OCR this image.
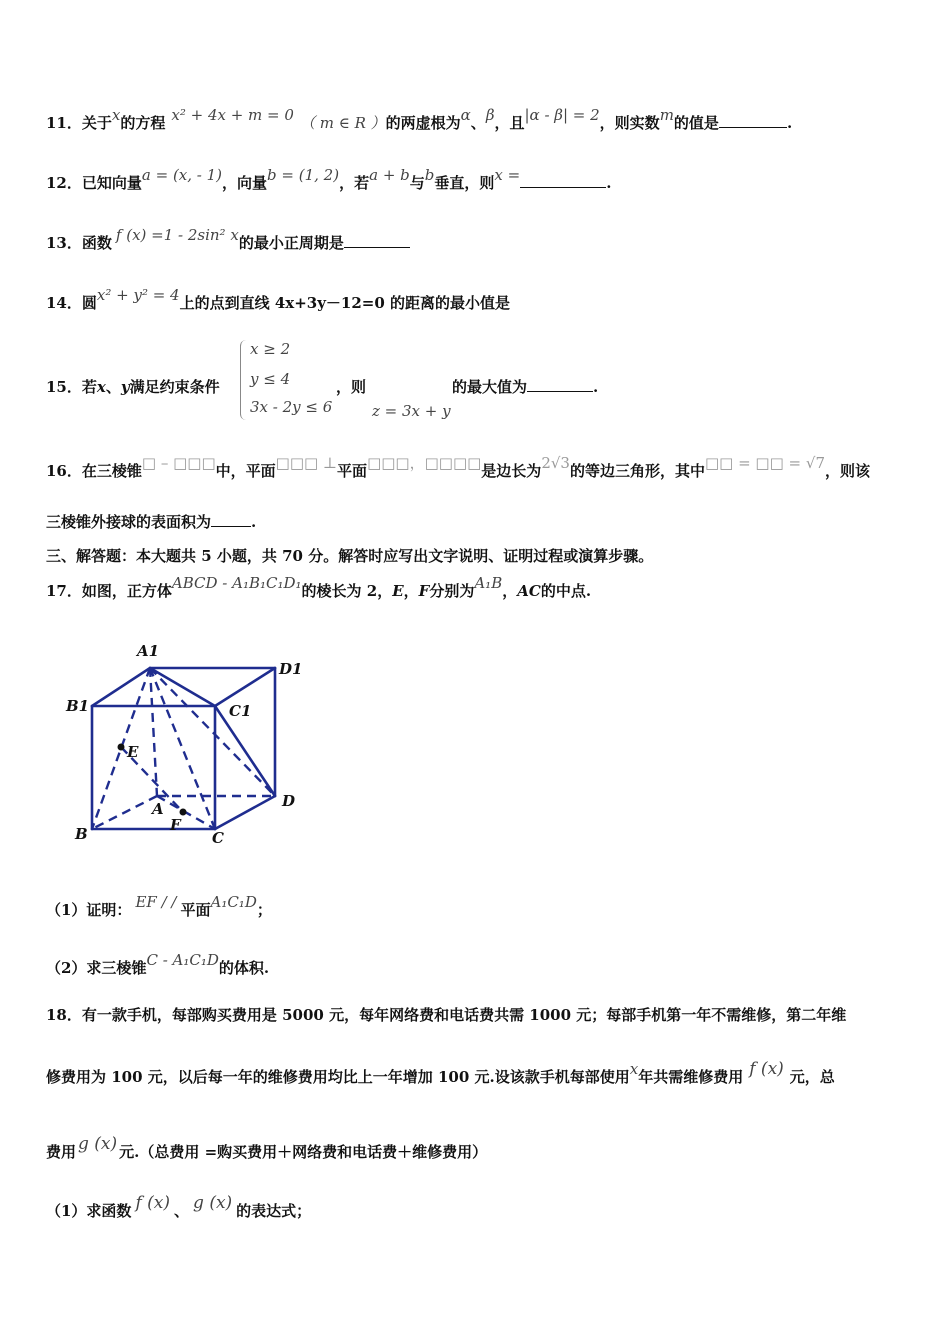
11．关于x的方程 x² + 4x + m = 0 （ m ∈ R ）的两虚根为α、β，且|α - β| = 2，则实数m的值是	.
12．已知向量a = (x, - 1)，向量b = (1, 2)，若a + b与b垂直，则x =	.
13．函数 f (x) =1 - 2sin² x的最小正周期是
14．圆x² + y² = 4上的点到直线 4x+3y－12=0 的距离的最小值是
15．若x、y满足约束条件
x ≥ 2
y ≤ 4
3x - 2y ≤ 6
，则
z = 3x + y
的最大值为	.
16．在三棱锥□ – □□□中，平面□□□ ⊥平面□□□，□□□□是边长为2√3的等边三角形，其中□□ = □□ = √7，则该
三棱锥外接球的表面积为	.
三、解答题：本大题共 5 小题，共 70 分。解答时应写出文字说明、证明过程或演算步骤。
17．如图，正方体ABCD - A₁B₁C₁D₁的棱长为 2，E，F分别为A₁B，AC的中点.
A1
D1
B1	C1
E
A
F
B	C
D
（1）证明： EF / / 平面A₁C₁D；
（2）求三棱锥C - A₁C₁D的体积.
18．有一款手机，每部购买费用是 5000 元，每年网络费和电话费共需 1000 元；每部手机第一年不需维修，第二年维
修费用为 100 元，以后每一年的维修费用均比上一年增加 100 元.设该款手机每部使用x年共需维修费用 f (x) 元，总
费用 g (x) 元.（总费用 =购买费用＋网络费和电话费＋维修费用）
（1）求函数 f (x) 、 g (x) 的表达式；
